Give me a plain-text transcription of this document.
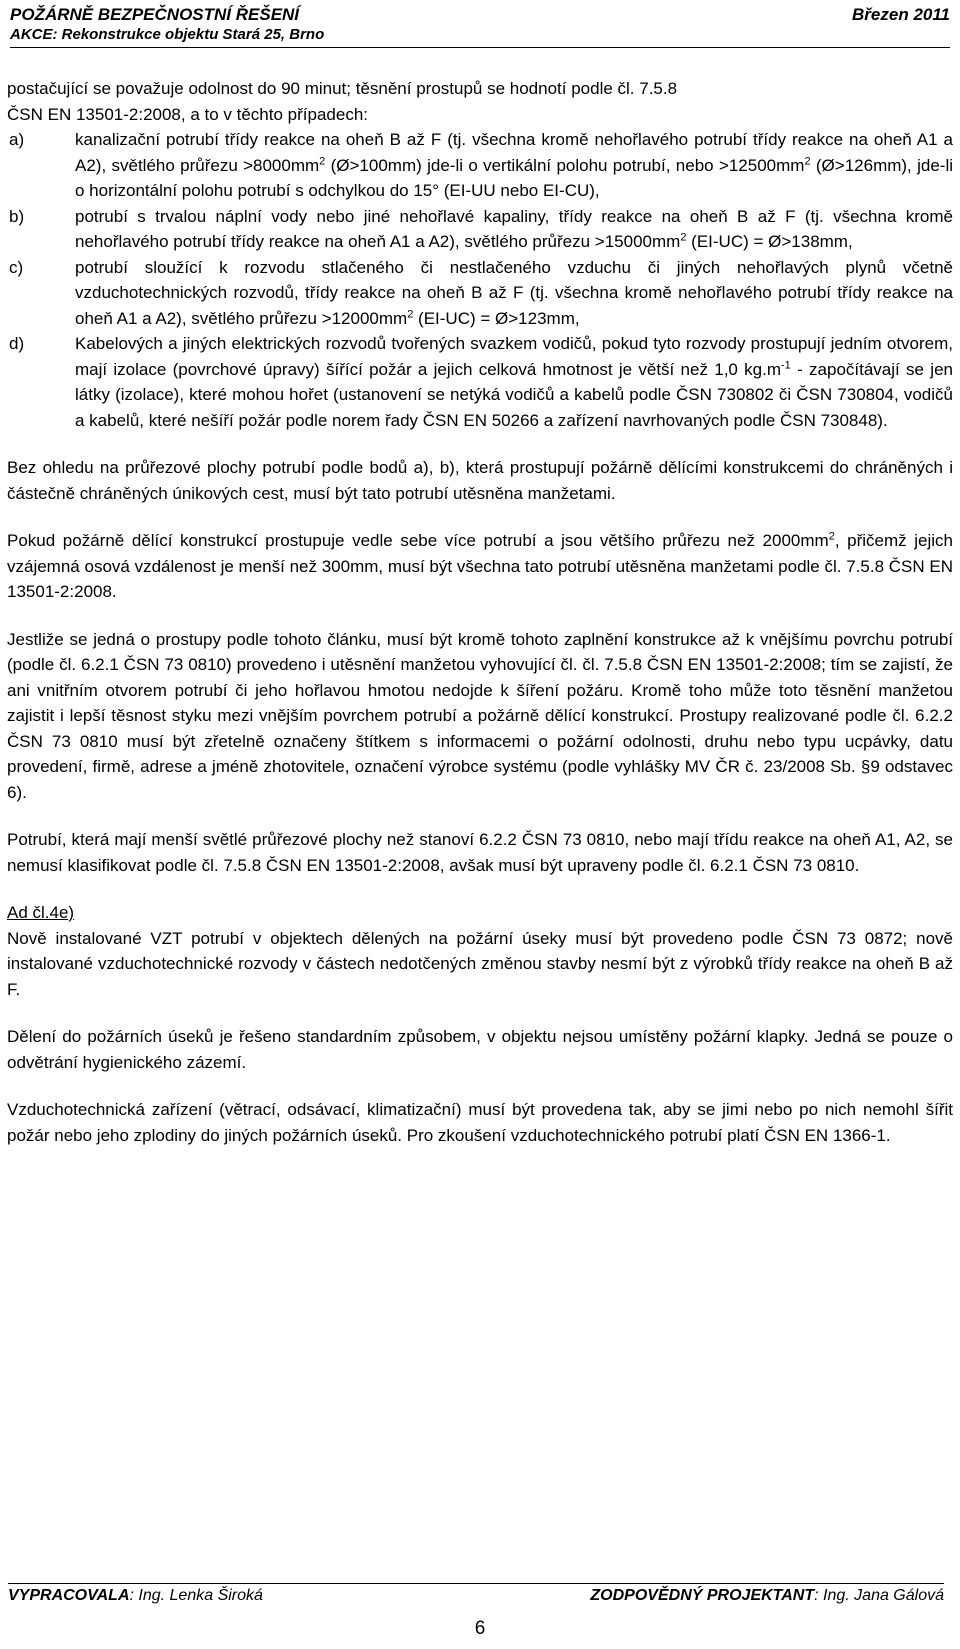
POŽÁRNĚ BEZPEČNOSTNÍ ŘEŠENÍ	Březen 2011
AKCE: Rekonstrukce objektu Stará 25, Brno

postačující se považuje odolnost do 90 minut; těsnění prostupů se hodnotí podle čl. 7.5.8

ČSN EN 13501-2:2008, a to v těchto případech:

a)	kanalizační potrubí třídy reakce na oheň B až F (tj. všechna kromě nehořlavého potrubí třídy reakce na oheň A1 a A2), světlého průřezu $>8000mm^2$ (Ø>100mm) jde-li o vertikální polohu potrubí, nebo $>12500mm^2$ (Ø>126mm), jde-li o horizontální polohu potrubí s odchylkou do 15° (EI-UU nebo EI-CU),
b)	potrubí s trvalou náplní vody nebo jiné nehořlavé kapaliny, třídy reakce na oheň B až F (tj. všechna kromě nehořlavého potrubí třídy reakce na oheň A1 a A2), světlého průřezu $>15000mm^2$ (EI-UC) = Ø>138mm,
c)	potrubí sloužící k rozvodu stlačeného či nestlačeného vzduchu či jiných nehořlavých plynů včetně vzduchotechnických rozvodů, třídy reakce na oheň B až F (tj. všechna kromě nehořlavého potrubí třídy reakce na oheň A1 a A2), světlého průřezu $>12000mm^2$ (EI-UC) = Ø>123mm,
d)	Kabelových a jiných elektrických rozvodů tvořených svazkem vodičů, pokud tyto rozvody prostupují jedním otvorem, mají izolace (povrchové úpravy) šířící požár a jejich celková hmotnost je větší než 1,0 $kg.m^{-1}$ - započítávají se jen látky (izolace), které mohou hořet (ustanovení se netýká vodičů a kabelů podle ČSN 730802 či ČSN 730804, vodičů a kabelů, které nešíří požár podle norem řady ČSN EN 50266 a zařízení navrhovaných podle ČSN 730848).

Bez ohledu na průřezové plochy potrubí podle bodů a), b), která prostupují požárně dělícími konstrukcemi do chráněných i částečně chráněných únikových cest, musí být tato potrubí utěsněna manžetami.

Pokud požárně dělící konstrukcí prostupuje vedle sebe více potrubí a jsou většího průřezu než $2000mm^2$, přičemž jejich vzájemná osová vzdálenost je menší než 300mm, musí být všechna tato potrubí utěsněna manžetami podle čl. 7.5.8 ČSN EN 13501-2:2008.

Jestliže se jedná o prostupy podle tohoto článku, musí být kromě tohoto zaplnění konstrukce až k vnějšímu povrchu potrubí (podle čl. 6.2.1 ČSN 73 0810) provedeno i utěsnění manžetou vyhovující čl. čl. 7.5.8 ČSN EN 13501-2:2008; tím se zajistí, že ani vnitřním otvorem potrubí či jeho hořlavou hmotou nedojde k šíření požáru. Kromě toho může toto těsnění manžetou zajistit i lepší těsnost styku mezi vnějším povrchem potrubí a požárně dělící konstrukcí. Prostupy realizované podle čl. 6.2.2 ČSN 73 0810 musí být zřetelně označeny štítkem s informacemi o požární odolnosti, druhu nebo typu ucpávky, datu provedení, firmě, adrese a jméně zhotovitele, označení výrobce systému (podle vyhlášky MV ČR č. 23/2008 Sb. §9 odstavec 6).

Potrubí, která mají menší světlé průřezové plochy než stanoví 6.2.2 ČSN 73 0810, nebo mají třídu reakce na oheň A1, A2, se nemusí klasifikovat podle čl. 7.5.8 ČSN EN 13501-2:2008, avšak musí být upraveny podle čl. 6.2.1 ČSN 73 0810.

Ad čl.4e)

Nově instalované VZT potrubí v objektech dělených na požární úseky musí být provedeno podle ČSN 73 0872; nově instalované vzduchotechnické rozvody v částech nedotčených změnou stavby nesmí být z výrobků třídy reakce na oheň B až F.

Dělení do požárních úseků je řešeno standardním způsobem, v objektu nejsou umístěny požární klapky. Jedná se pouze o odvětrání hygienického zázemí.

Vzduchotechnická zařízení (větrací, odsávací, klimatizační) musí být provedena tak, aby se jimi nebo po nich nemohl šířit požár nebo jeho zplodiny do jiných požárních úseků. Pro zkoušení vzduchotechnického potrubí platí ČSN EN 1366-1.

VYPRACOVALA: Ing. Lenka Široká	ZODPOVĚDNÝ PROJEKTANT: Ing. Jana Gálová
6
